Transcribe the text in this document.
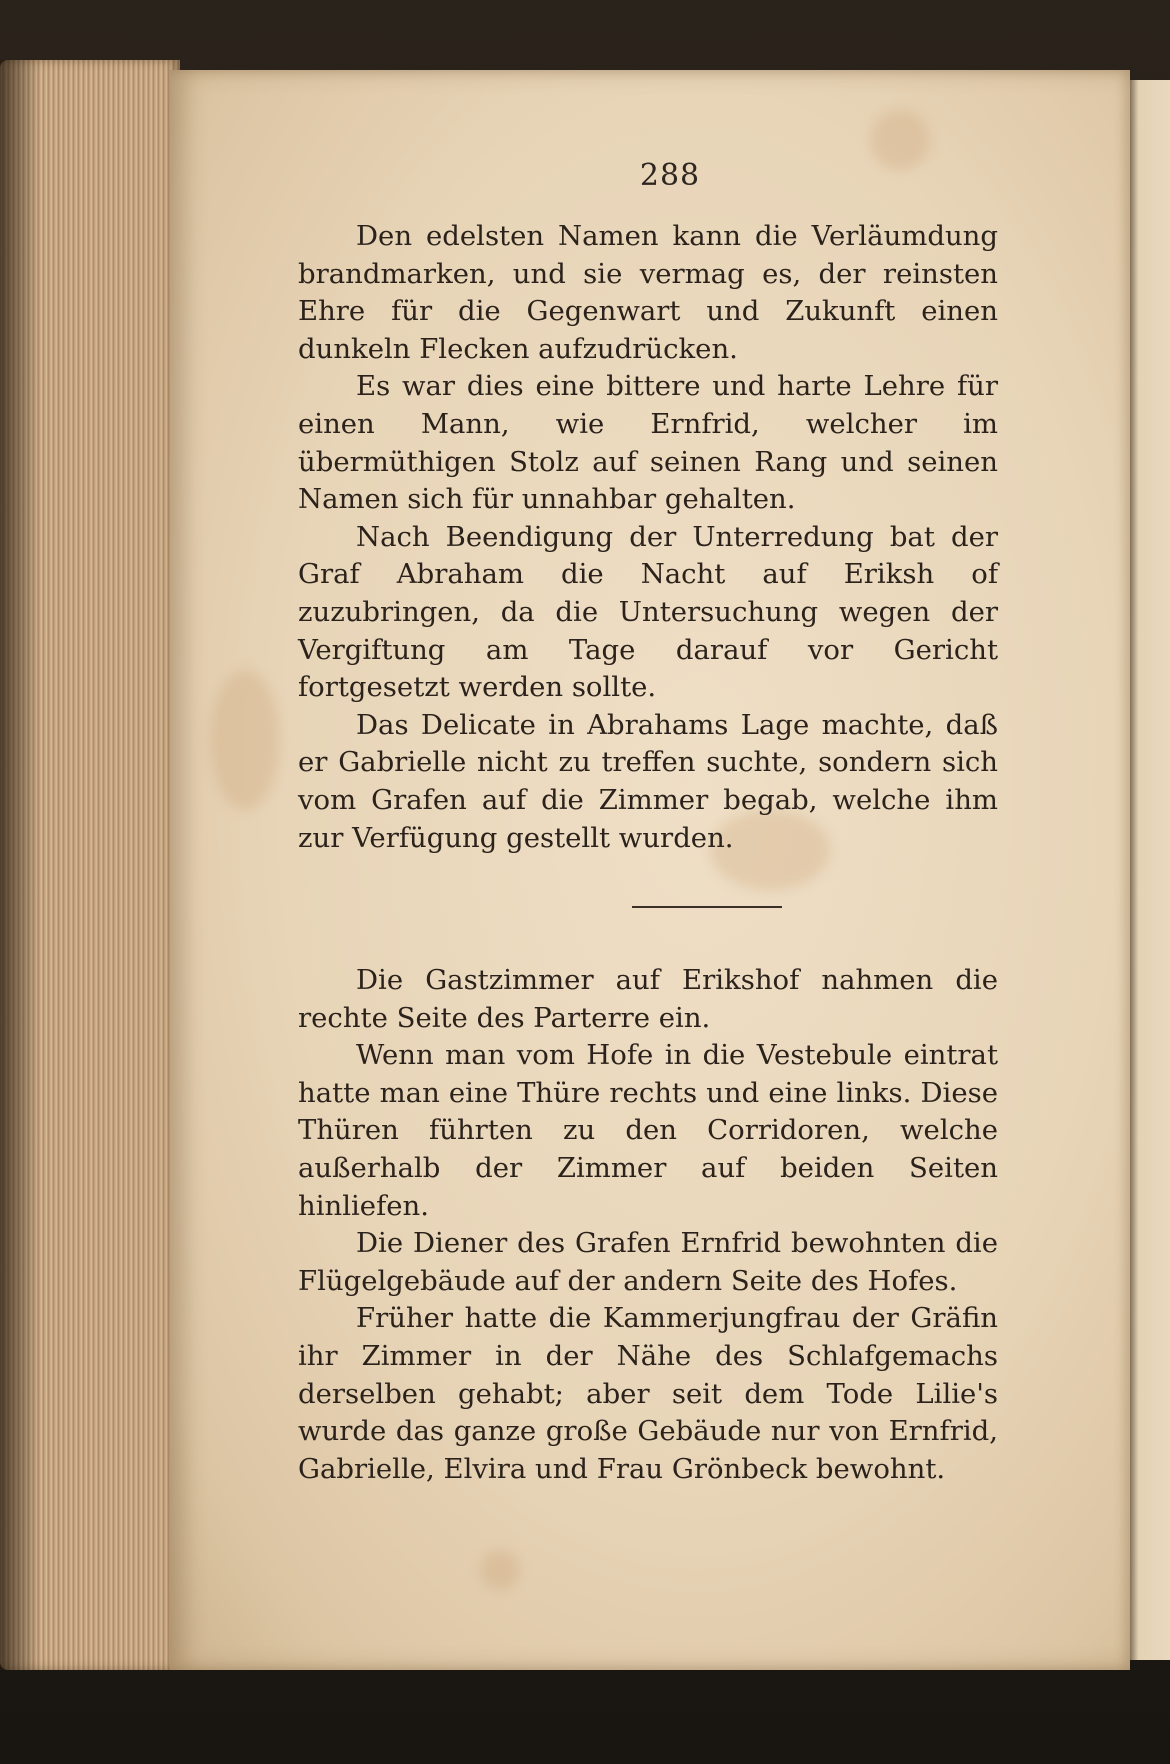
288

Den edelsten Namen kann die Verläumdung brandmarken, und sie vermag es, der reinsten Ehre für die Gegenwart und Zukunft einen dunkeln Flecken aufzudrücken.

Es war dies eine bittere und harte Lehre für einen Mann, wie Ernfrid, welcher im übermüthigen Stolz auf seinen Rang und seinen Namen sich für unnahbar gehalten.

Nach Beendigung der Unterredung bat der Graf Abraham die Nacht auf Eriksh of zuzubringen, da die Untersuchung wegen der Vergiftung am Tage darauf vor Gericht fortgesetzt werden sollte.

Das Delicate in Abrahams Lage machte, daß er Gabrielle nicht zu treffen suchte, sondern sich vom Grafen auf die Zimmer begab, welche ihm zur Verfügung gestellt wurden.

Die Gastzimmer auf Erikshof nahmen die rechte Seite des Parterre ein.

Wenn man vom Hofe in die Vestebule eintrat hatte man eine Thüre rechts und eine links. Diese Thüren führten zu den Corridoren, welche außerhalb der Zimmer auf beiden Seiten hinliefen.

Die Diener des Grafen Ernfrid bewohnten die Flügelgebäude auf der andern Seite des Hofes.

Früher hatte die Kammerjungfrau der Gräfin ihr Zimmer in der Nähe des Schlafgemachs derselben gehabt; aber seit dem Tode Lilie's wurde das ganze große Gebäude nur von Ernfrid, Gabrielle, Elvira und Frau Grönbeck bewohnt.
